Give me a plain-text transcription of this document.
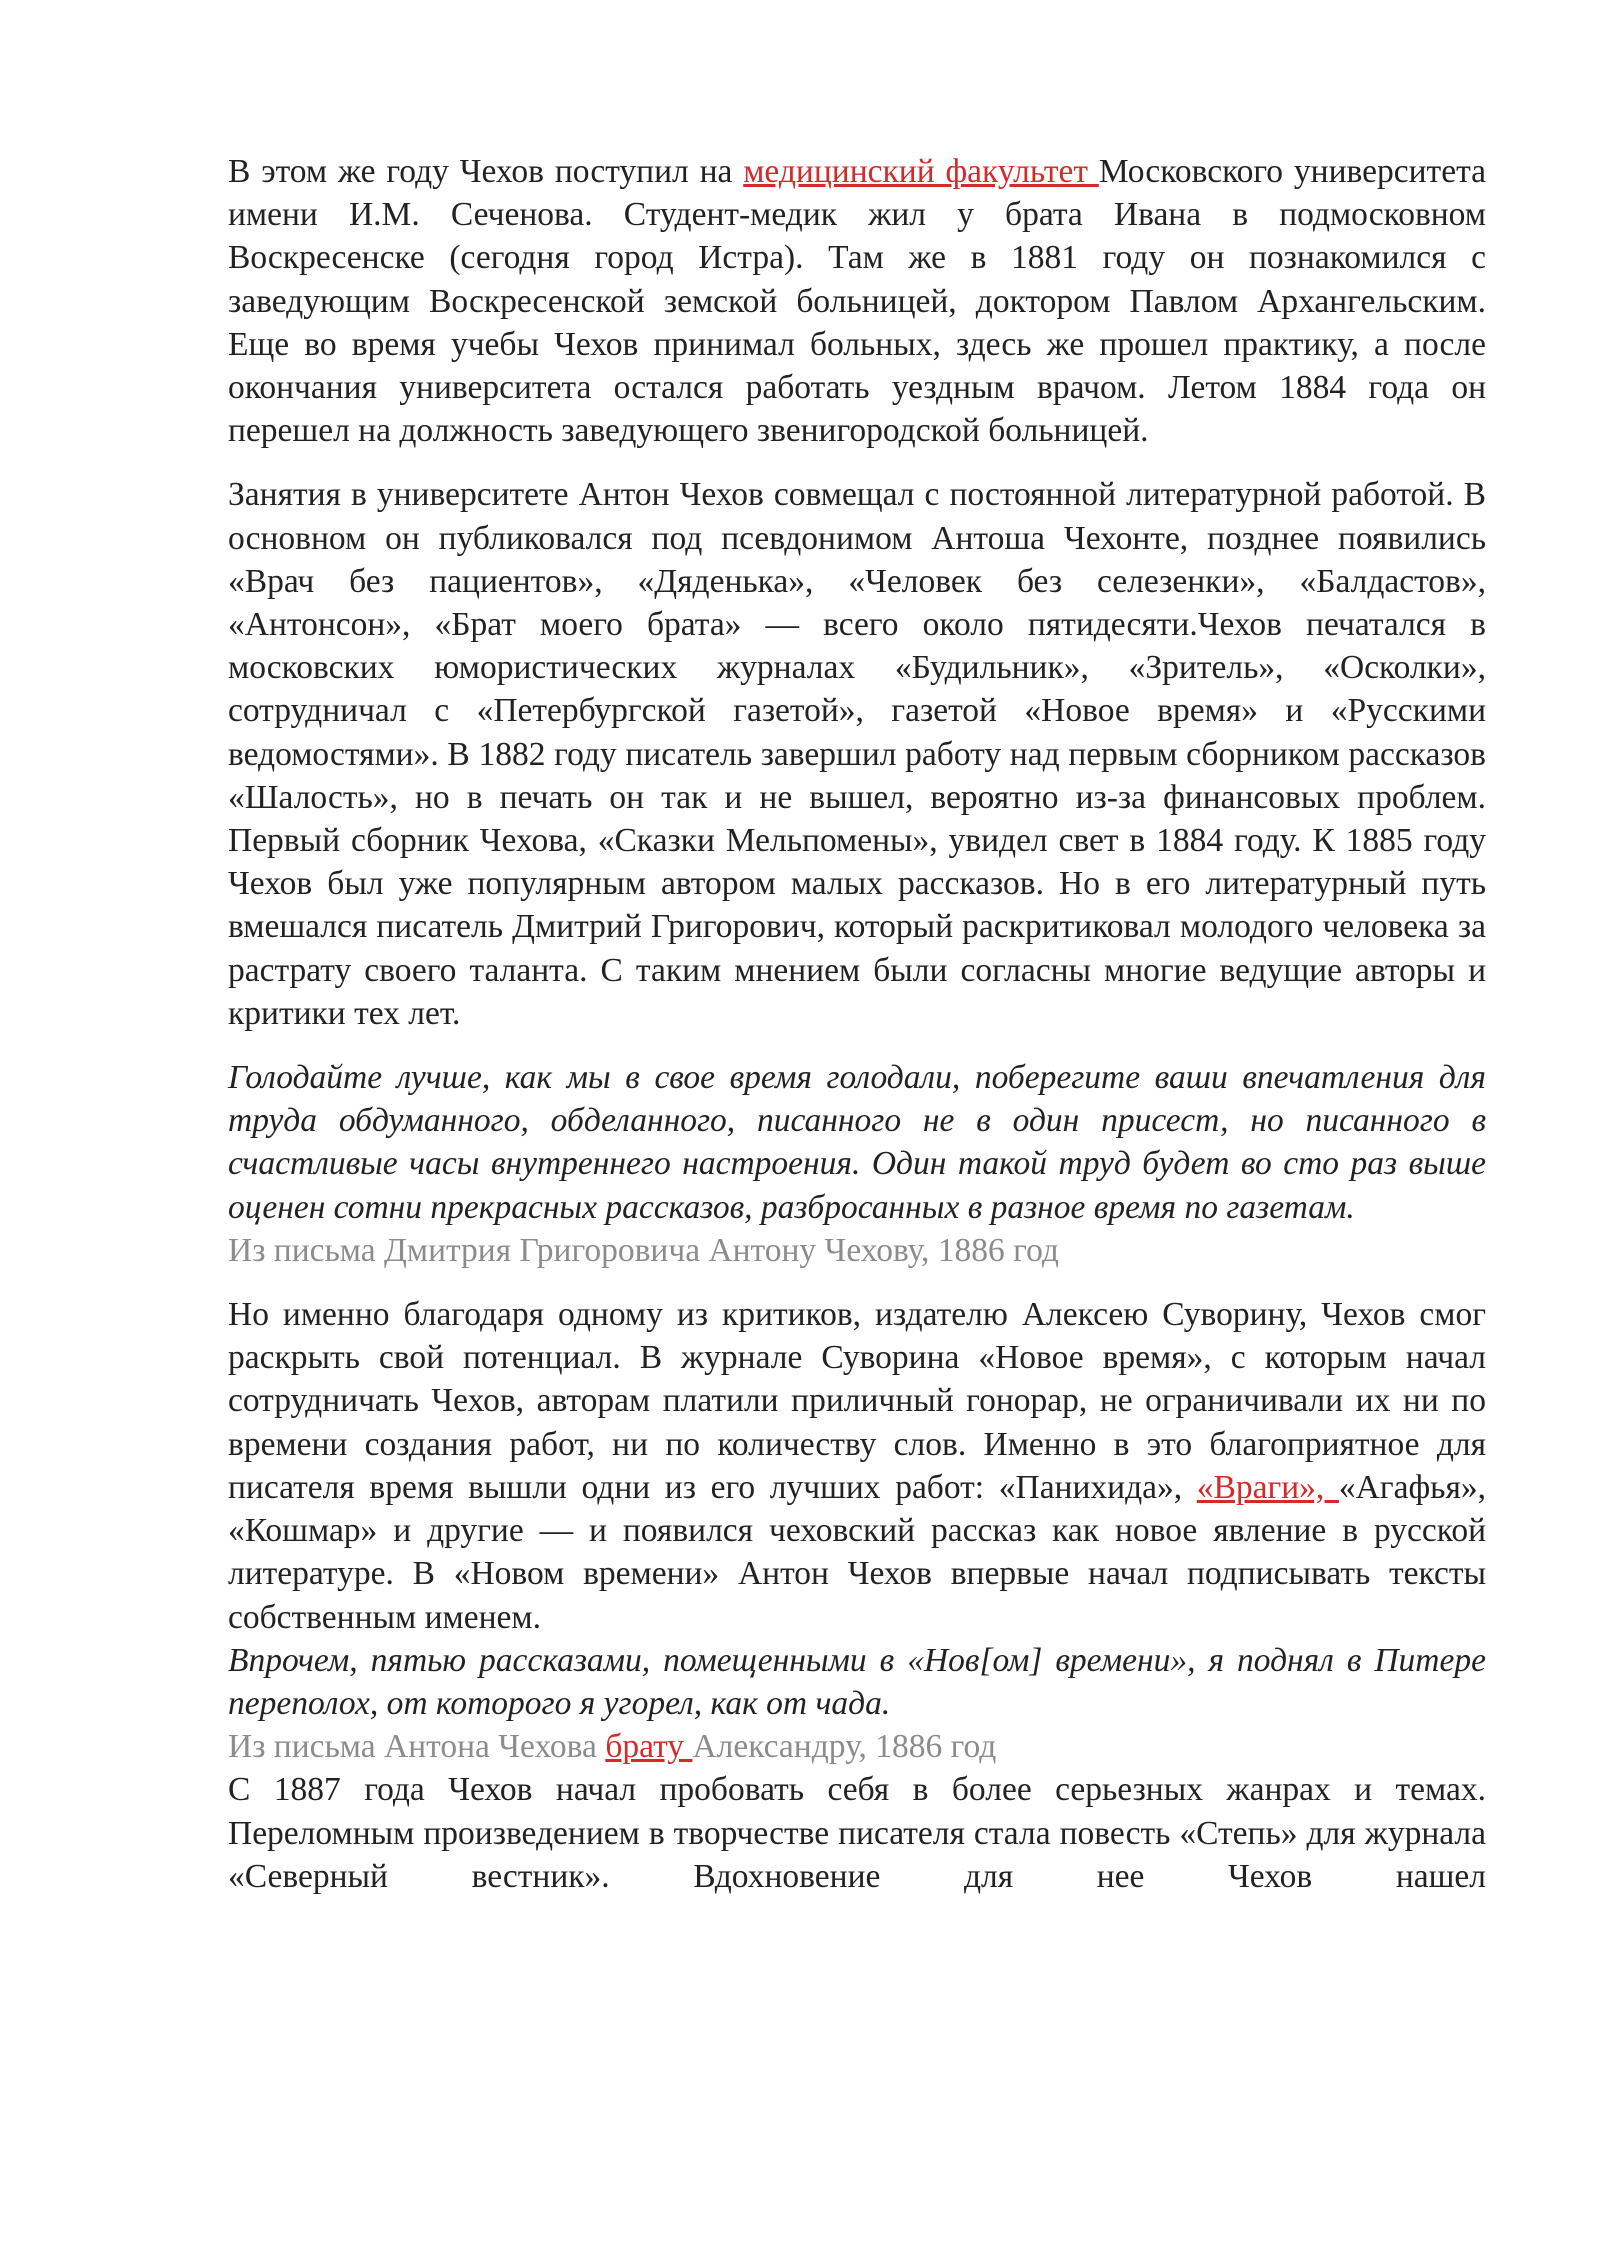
В этом же году Чехов поступил на медицинский факультет Московского университета имени И.М. Сеченова. Студент-медик жил у брата Ивана в подмосковном Воскресенске (сегодня город Истра). Там же в 1881 году он познакомился с заведующим Воскресенской земской больницей, доктором Павлом Архангельским. Еще во время учебы Чехов принимал больных, здесь же прошел практику, а после окончания университета остался работать уездным врачом. Летом 1884 года он перешел на должность заведующего звенигородской больницей.

Занятия в университете Антон Чехов совмещал с постоянной литературной работой. В основном он публиковался под псевдонимом Антоша Чехонте, позднее появились «Врач без пациентов», «Дяденька», «Человек без селезенки», «Балдастов», «Антонсон», «Брат моего брата» — всего около пятидесяти.Чехов печатался в московских юмористических журналах «Будильник», «Зритель», «Осколки», сотрудничал с «Петербургской газетой», газетой «Новое время» и «Русскими ведомостями». В 1882 году писатель завершил работу над первым сборником рассказов «Шалость», но в печать он так и не вышел, вероятно из-за финансовых проблем. Первый сборник Чехова, «Сказки Мельпомены», увидел свет в 1884 году. К 1885 году Чехов был уже популярным автором малых рассказов. Но в его литературный путь вмешался писатель Дмитрий Григорович, который раскритиковал молодого человека за растрату своего таланта. С таким мнением были согласны многие ведущие авторы и критики тех лет.

Голодайте лучше, как мы в свое время голодали, поберегите ваши впечатления для труда обдуманного, обделанного, писанного не в один присест, но писанного в счастливые часы внутреннего настроения. Один такой труд будет во сто раз выше оценен сотни прекрасных рассказов, разбросанных в разное время по газетам.

Из письма Дмитрия Григоровича Антону Чехову, 1886 год

Но именно благодаря одному из критиков, издателю Алексею Суворину, Чехов смог раскрыть свой потенциал. В журнале Суворина «Новое время», с которым начал сотрудничать Чехов, авторам платили приличный гонорар, не ограничивали их ни по времени создания работ, ни по количеству слов. Именно в это благоприятное для писателя время вышли одни из его лучших работ: «Панихида», «Враги», «Агафья», «Кошмар» и другие — и появился чеховский рассказ как новое явление в русской литературе. В «Новом времени» Антон Чехов впервые начал подписывать тексты собственным именем.

Впрочем, пятью рассказами, помещенными в «Нов[ом] времени», я поднял в Питере переполох, от которого я угорел, как от чада.

Из письма Антона Чехова брату Александру, 1886 год

С 1887 года Чехов начал пробовать себя в более серьезных жанрах и темах. Переломным произведением в творчестве писателя стала повесть «Степь» для журнала «Северный вестник». Вдохновение для нее Чехов нашел
